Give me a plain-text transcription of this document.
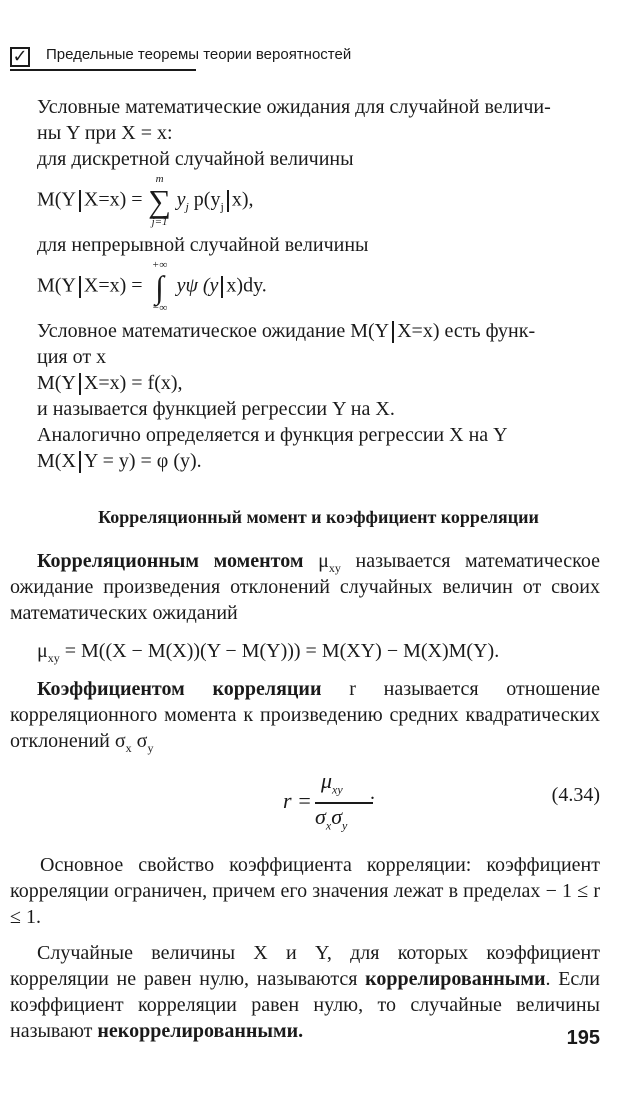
✓ Предельные теоремы теории вероятностей

Условные математические ожидания для случайной величи-
ны Y при X = x:

для дискретной случайной величины

M(Y X=x) =
m
∑
j=1
$y_j$ $p(y_j$ x),

для непрерывной случайной величины

M(Y X=x) =
+∞
∫
−∞
yψ (y x)dy.

Условное математическое ожидание M(Y X=x) есть функ-
ция от x

M(Y X=x) = f(x),

и называется функцией регрессии Y на X.

Аналогично определяется и функция регрессии X на Y

M(X Y = y) = φ (y).

Корреляционный момент и коэффициент корреляции

Корреляционным моментом $\mu_{xy}$ называется математическое ожидание произведения отклонений случайных величин от своих математических ожиданий

$\mu_{xy} = M((X - M(X))(Y - M(Y))) = M(XY) - M(X)M(Y)$.

Коэффициентом корреляции r называется отношение корреляционного момента к произведению средних квадратических отклонений $\sigma_x$ $\sigma_y$

r =
$\mu_{xy}$
$\sigma_x\sigma_y$
.	(4.34)

Основное свойство коэффициента корреляции: коэффициент корреляции ограничен, причем его значения лежат в пределах − 1 ≤ r ≤ 1.

Случайные величины X и Y, для которых коэффициент корреляции не равен нулю, называются коррелированными. Если коэффициент корреляции равен нулю, то случайные величины называют некоррелированными.	195
